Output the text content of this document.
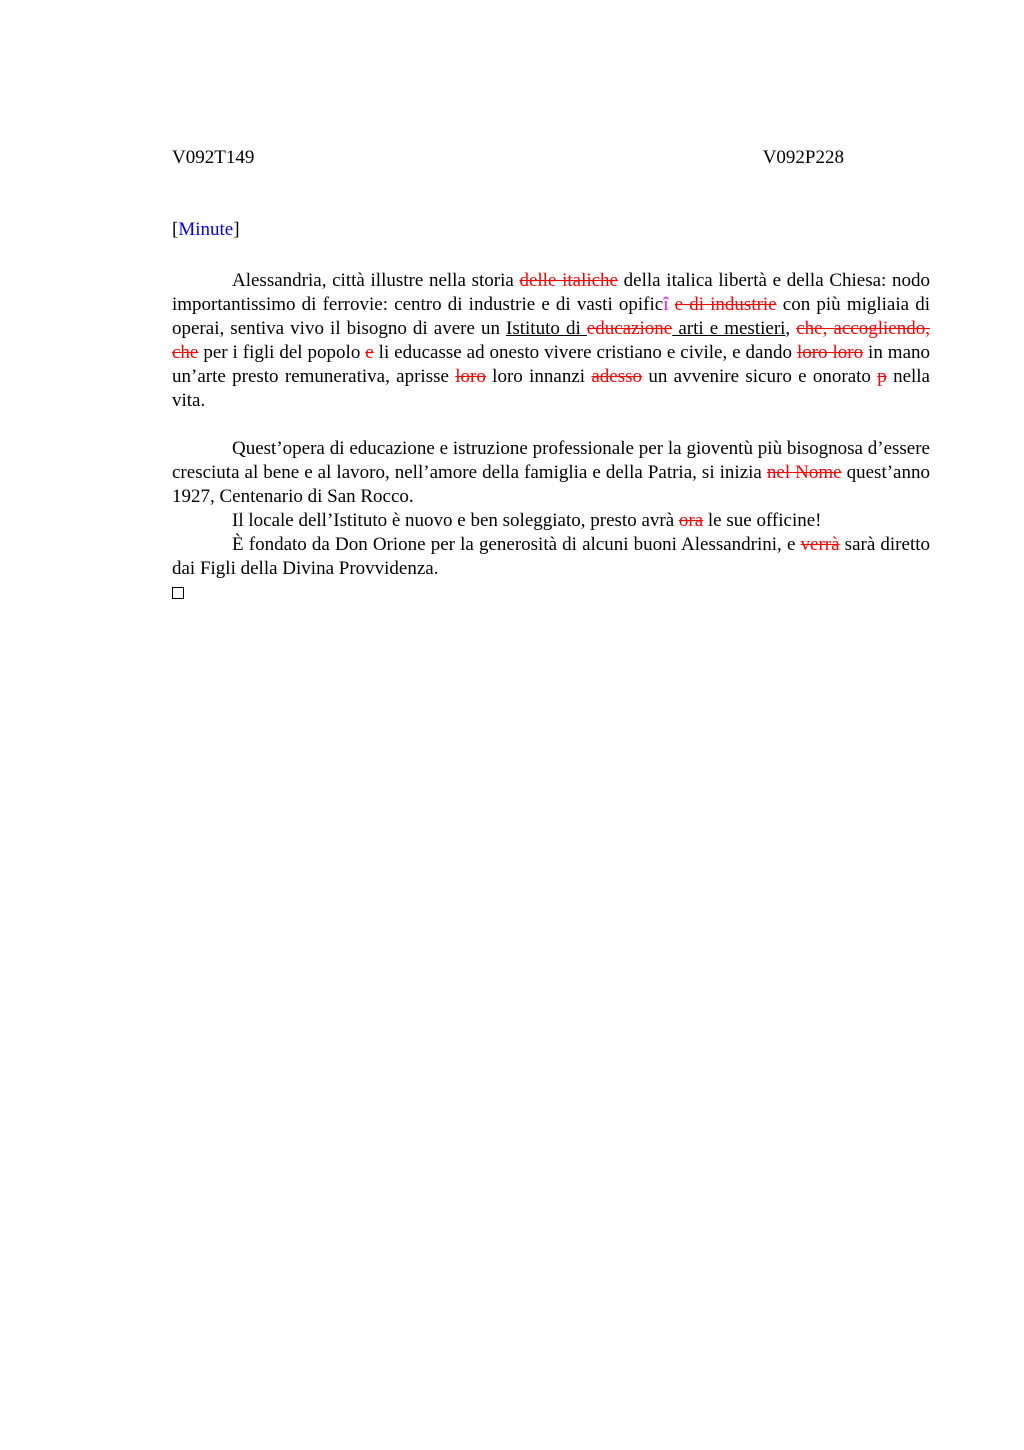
V092T149	V092P228
[Minute]

Alessandria, città illustre nella storia delle italiche della italica libertà e della Chiesa: nodo importantissimo di ferrovie: centro di industrie e di vasti opificî e di industrie con più migliaia di operai, sentiva vivo il bisogno di avere un Istituto di educazione arti e mestieri, che, accogliendo, che per i figli del popolo e li educasse ad onesto vivere cristiano e civile, e dando loro loro in mano un’arte presto remunerativa, aprisse loro loro innanzi adesso un avvenire sicuro e onorato p nella vita.

Quest’opera di educazione e istruzione professionale per la gioventù più bisognosa d’essere cresciuta al bene e al lavoro, nell’amore della famiglia e della Patria, si inizia nel Nome quest’anno 1927, Centenario di San Rocco.

Il locale dell’Istituto è nuovo e ben soleggiato, presto avrà ora le sue officine!

È fondato da Don Orione per la generosità di alcuni buoni Alessandrini, e verrà sarà diretto dai Figli della Divina Provvidenza.
